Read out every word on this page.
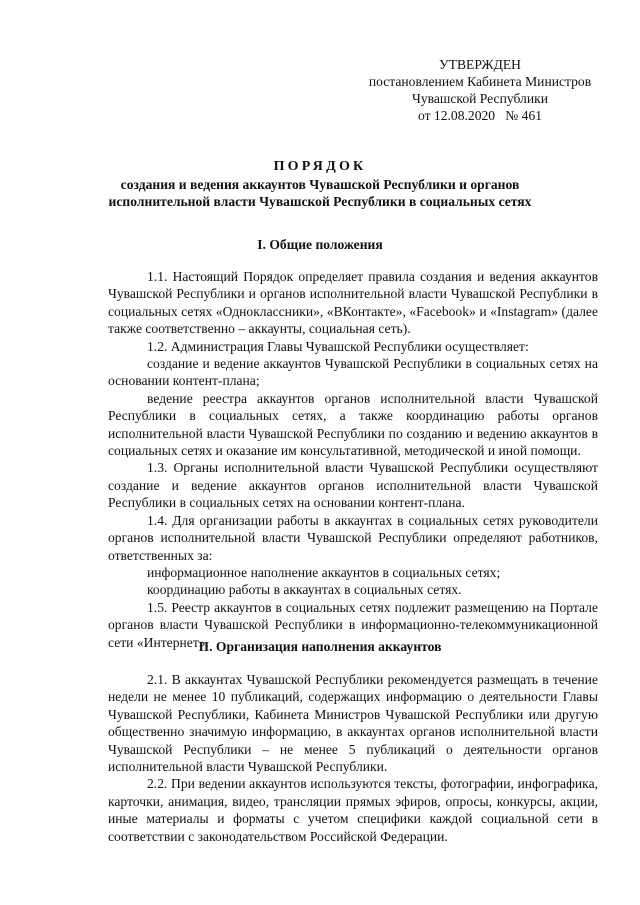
УТВЕРЖДЕН
постановлением Кабинета Министров
Чувашской Республики
от 12.08.2020   № 461
ПОРЯДОК
создания и ведения аккаунтов Чувашской Республики и органов
исполнительной власти Чувашской Республики в социальных сетях
I. Общие положения

1.1. Настоящий Порядок определяет правила создания и ведения аккаунтов Чувашской Республики и органов исполнительной власти Чувашской Республики в социальных сетях «Одноклассники», «ВКонтакте», «Facebook» и «Instagram» (далее также соответственно – аккаунты, социальная сеть).

1.2. Администрация Главы Чувашской Республики осуществляет:

создание и ведение аккаунтов Чувашской Республики в социальных сетях на основании контент-плана;

ведение реестра аккаунтов органов исполнительной власти Чувашской Республики в социальных сетях, а также координацию работы органов исполнительной власти Чувашской Республики по созданию и ведению аккаунтов в социальных сетях и оказание им консультативной, методической и иной помощи.

1.3. Органы исполнительной власти Чувашской Республики осуществляют создание и ведение аккаунтов органов исполнительной власти Чувашской Республики в социальных сетях на основании контент-плана.

1.4. Для организации работы в аккаунтах в социальных сетях руководители органов исполнительной власти Чувашской Республики определяют работников, ответственных за:

информационное наполнение аккаунтов в социальных сетях;

координацию работы в аккаунтах в социальных сетях.

1.5. Реестр аккаунтов в социальных сетях подлежит размещению на Портале органов власти Чувашской Республики в информационно-телекоммуникационной сети «Интернет».

II. Организация наполнения аккаунтов

2.1. В аккаунтах Чувашской Республики рекомендуется размещать в течение недели не менее 10 публикаций, содержащих информацию о деятельности Главы Чувашской Республики, Кабинета Министров Чувашской Республики или другую общественно значимую информацию, в аккаунтах органов исполнительной власти Чувашской Республики – не менее 5 публикаций о деятельности органов исполнительной власти Чувашской Республики.

2.2. При ведении аккаунтов используются тексты, фотографии, инфографика, карточки, анимация, видео, трансляции прямых эфиров, опросы, конкурсы, акции, иные материалы и форматы с учетом специфики каждой социальной сети в соответствии с законодательством Российской Федерации.
